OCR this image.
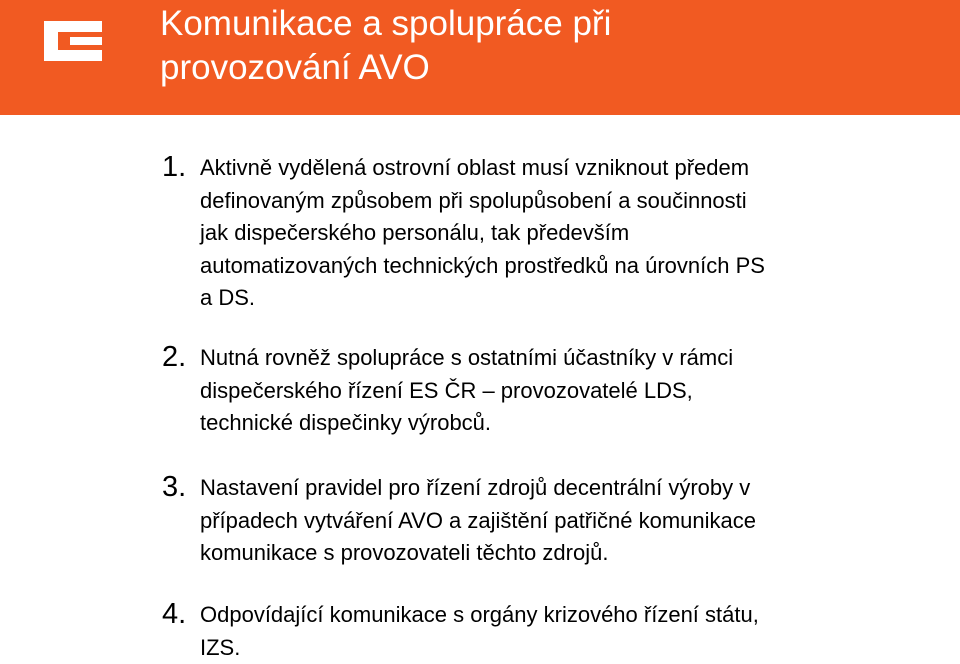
Komunikace a spolupráce při
provozování AVO
1. Aktivně vydělená ostrovní oblast musí vzniknout předem
definovaným způsobem při spolupůsobení a součinnosti
jak dispečerského personálu, tak především
automatizovaných technických prostředků na úrovních PS
a DS.
2. Nutná rovněž spolupráce s ostatními účastníky v rámci
dispečerského řízení ES ČR – provozovatelé LDS,
technické dispečinky výrobců.
3. Nastavení pravidel pro řízení zdrojů decentrální výroby v
případech vytváření AVO a zajištění patřičné komunikace
komunikace s provozovateli těchto zdrojů.
4. Odpovídající komunikace s orgány krizového řízení státu,
IZS.
